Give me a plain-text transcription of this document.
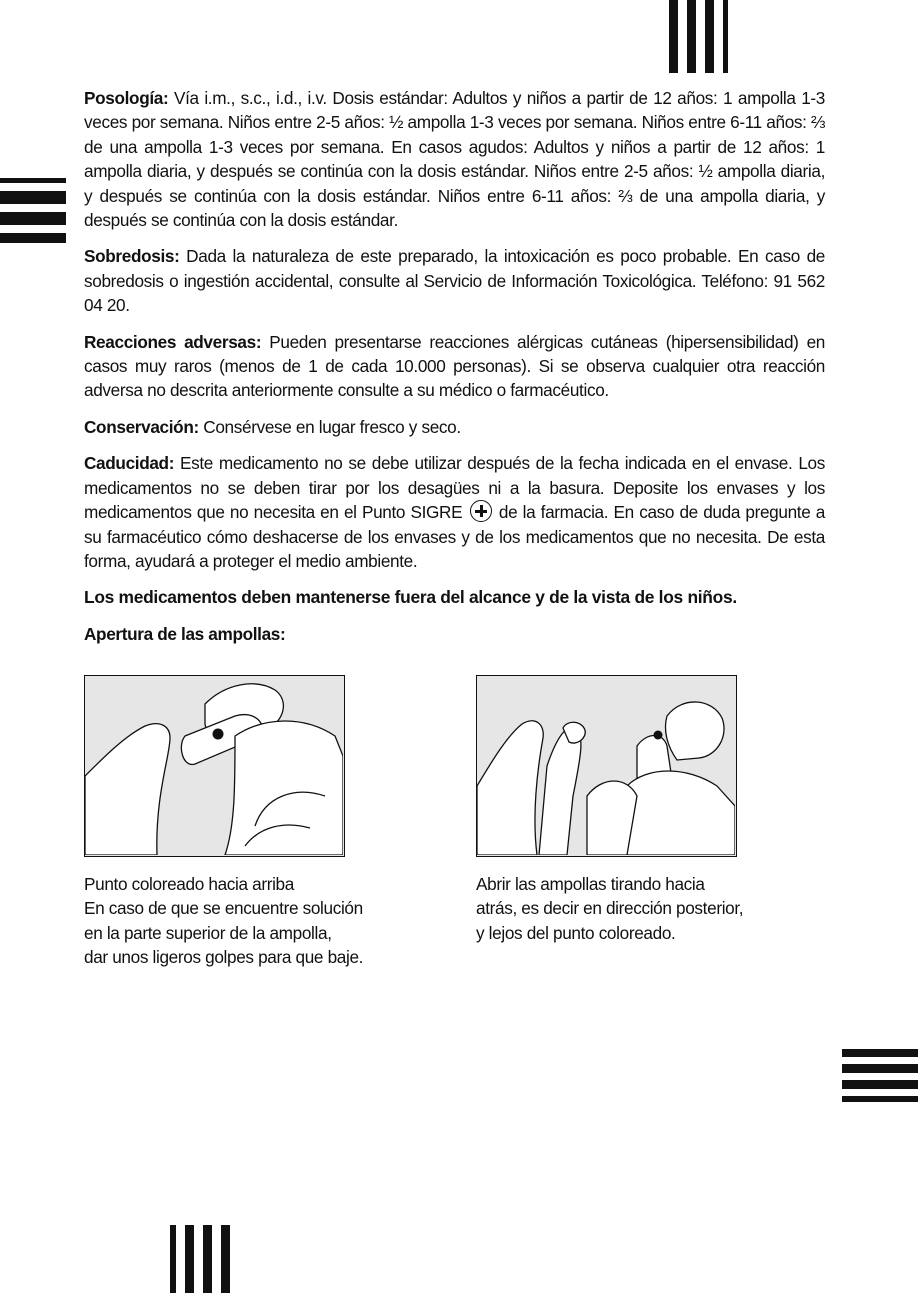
Posología: Vía i.m., s.c., i.d., i.v. Dosis estándar: Adultos y niños a partir de 12 años: 1 ampolla 1-3 veces por semana. Niños entre 2-5 años: ½ ampolla 1-3 veces por semana. Niños entre 6-11 años: ⅔ de una ampolla 1-3 veces por semana. En casos agudos: Adultos y niños a partir de 12 años: 1 ampolla diaria, y después se continúa con la dosis estándar. Niños entre 2-5 años: ½ ampolla diaria, y después se continúa con la dosis estándar. Niños entre 6-11 años: ⅔ de una ampolla diaria, y después se continúa con la dosis estándar.

Sobredosis: Dada la naturaleza de este preparado, la intoxicación es poco probable. En caso de sobredosis o ingestión accidental, consulte al Servicio de Información Toxicológica. Teléfono: 91 562 04 20.

Reacciones adversas: Pueden presentarse reacciones alérgicas cutáneas (hipersensibilidad) en casos muy raros (menos de 1 de cada 10.000 personas). Si se observa cualquier otra reacción adversa no descrita anteriormente consulte a su médico o farmacéutico.

Conservación: Consérvese en lugar fresco y seco.

Caducidad: Este medicamento no se debe utilizar después de la fecha indicada en el envase. Los medicamentos no se deben tirar por los desagües ni a la basura. Deposite los envases y los medicamentos que no necesita en el Punto SIGRE de la farmacia. En caso de duda pregunte a su farmacéutico cómo deshacerse de los envases y de los medicamentos que no necesita. De esta forma, ayudará a proteger el medio ambiente.

Los medicamentos deben mantenerse fuera del alcance y de la vista de los niños.

Apertura de las ampollas:

Punto coloreado hacia arriba
En caso de que se encuentre solución
en la parte superior de la ampolla,
dar unos ligeros golpes para que baje.
Abrir las ampollas tirando hacia
atrás, es decir en dirección posterior,
y lejos del punto coloreado.
